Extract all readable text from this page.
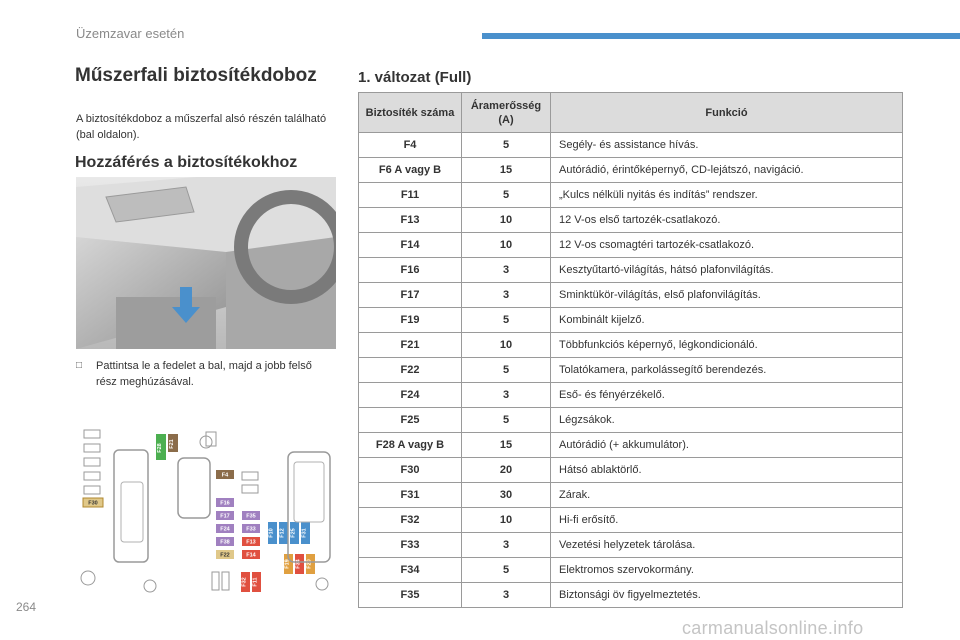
Üzemzavar esetén
Műszerfali biztosítékdoboz
A biztosítékdoboz a műszerfal alsó részén található (bal oldalon).
Hozzáférés a biztosítékokhoz
□	Pattintsa le a fedelet a bal, majd a jobb felső rész meghúzásával.
F30
F28 F21
F4
F16
F17
F24
F38
F22
F35
F33
F13
F14
F10 F12 F25 F31
F19 F34 F20
F32 F11
1. változat (Full)
Biztosíték száma	Áramerősség (A)	Funkció
F4	5	Segély- és assistance hívás.
F6 A vagy B	15	Autórádió, érintőképernyő, CD-lejátszó, navigáció.
F11	5	„Kulcs nélküli nyitás és indítás” rendszer.
F13	10	12 V-os első tartozék-csatlakozó.
F14	10	12 V-os csomagtéri tartozék-csatlakozó.
F16	3	Kesztyűtartó-világítás, hátsó plafonvilágítás.
F17	3	Sminktükör-világítás, első plafonvilágítás.
F19	5	Kombinált kijelző.
F21	10	Többfunkciós képernyő, légkondicionáló.
F22	5	Tolatókamera, parkolássegítő berendezés.
F24	3	Eső- és fényérzékelő.
F25	5	Légzsákok.
F28 A vagy B	15	Autórádió (+ akkumulátor).
F30	20	Hátsó ablaktörlő.
F31	30	Zárak.
F32	10	Hi-fi erősítő.
F33	3	Vezetési helyzetek tárolása.
F34	5	Elektromos szervokormány.
F35	3	Biztonsági öv figyelmeztetés.
264
carmanualsonline.info
